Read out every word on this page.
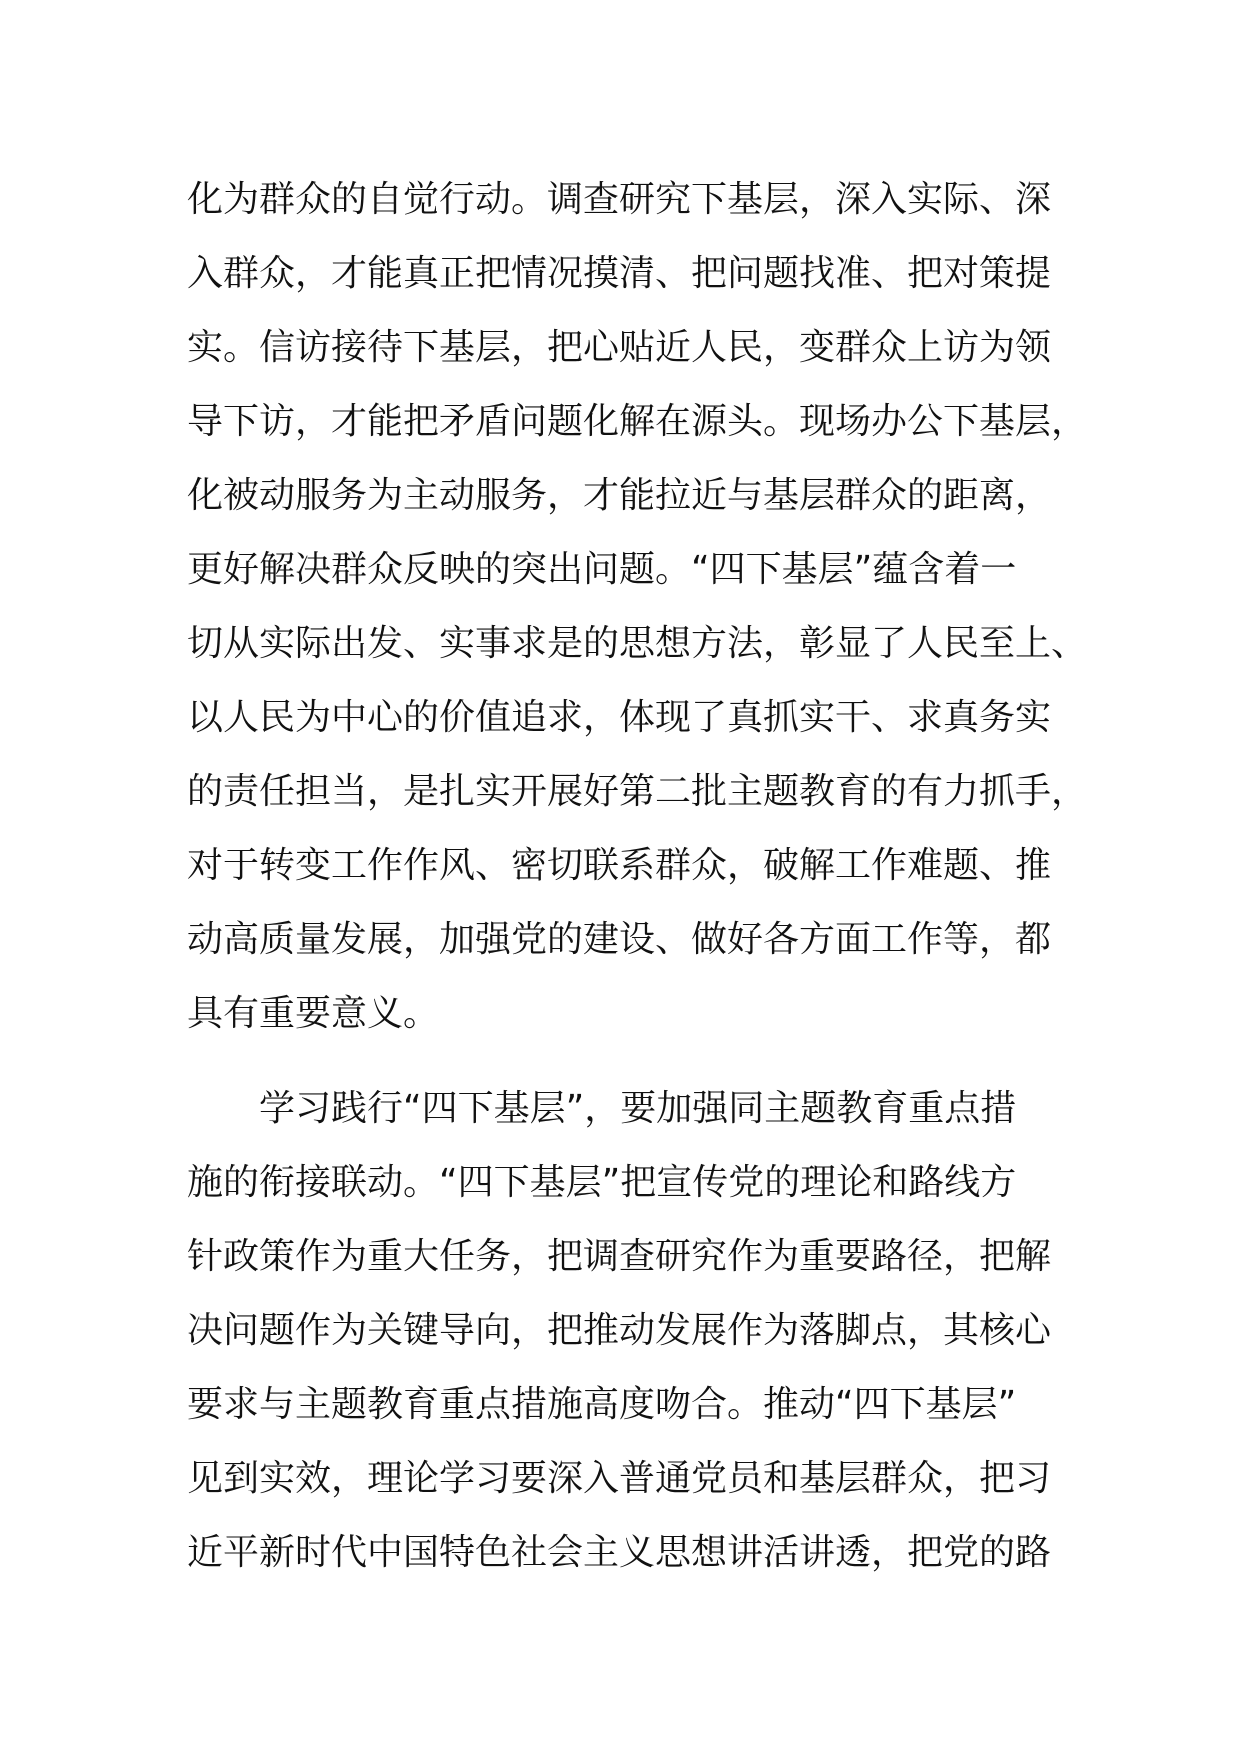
化为群众的自觉行动。调查研究下基层，深入实际、深
入群众，才能真正把情况摸清、把问题找准、把对策提
实。信访接待下基层，把心贴近人民，变群众上访为领
导下访，才能把矛盾问题化解在源头。现场办公下基层，
化被动服务为主动服务，才能拉近与基层群众的距离，
更好解决群众反映的突出问题。“四下基层”蕴含着一
切从实际出发、实事求是的思想方法，彰显了人民至上、
以人民为中心的价值追求，体现了真抓实干、求真务实
的责任担当，是扎实开展好第二批主题教育的有力抓手，
对于转变工作作风、密切联系群众，破解工作难题、推
动高质量发展，加强党的建设、做好各方面工作等，都
具有重要意义。
　　学习践行“四下基层”，要加强同主题教育重点措
施的衔接联动。“四下基层”把宣传党的理论和路线方
针政策作为重大任务，把调查研究作为重要路径，把解
决问题作为关键导向，把推动发展作为落脚点，其核心
要求与主题教育重点措施高度吻合。推动“四下基层”
见到实效，理论学习要深入普通党员和基层群众，把习
近平新时代中国特色社会主义思想讲活讲透，把党的路
